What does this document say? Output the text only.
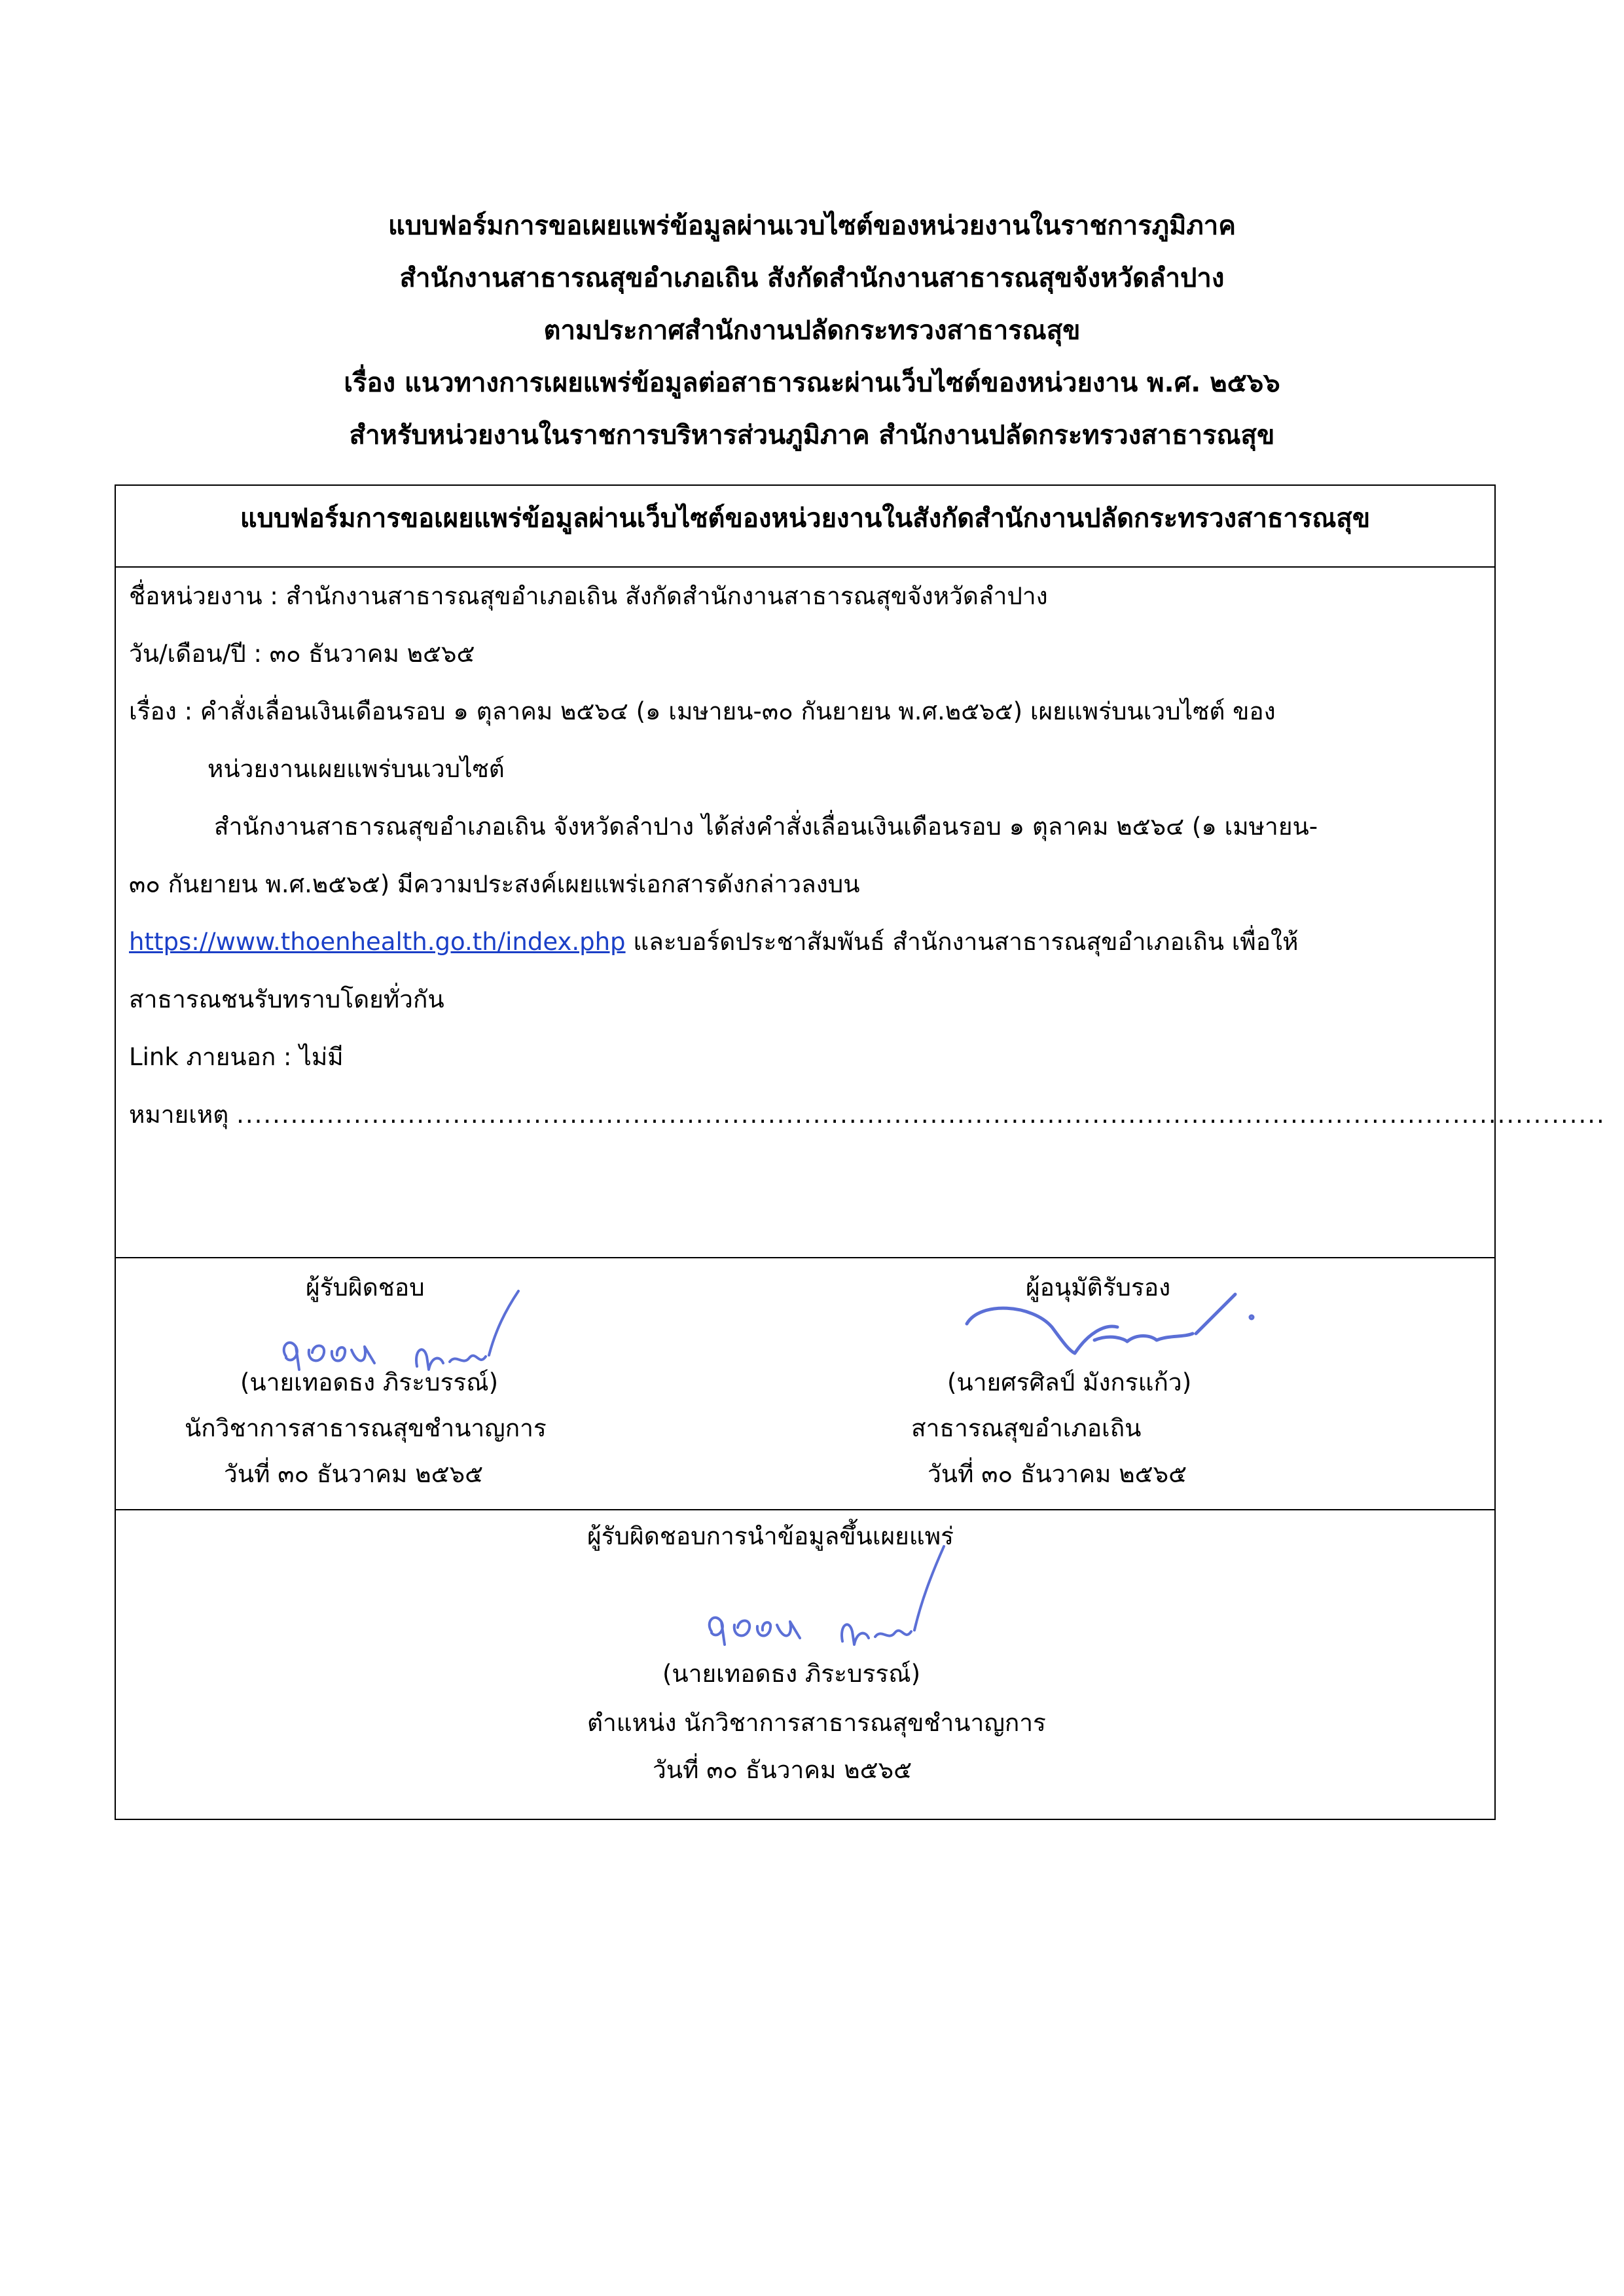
แบบฟอร์มการขอเผยแพร่ข้อมูลผ่านเวบไซต์ของหน่วยงานในราชการภูมิภาค
สำนักงานสาธารณสุขอำเภอเถิน สังกัดสำนักงานสาธารณสุขจังหวัดลำปาง
ตามประกาศสำนักงานปลัดกระทรวงสาธารณสุข
เรื่อง แนวทางการเผยแพร่ข้อมูลต่อสาธารณะผ่านเว็บไซต์ของหน่วยงาน พ.ศ. ๒๕๖๖
สำหรับหน่วยงานในราชการบริหารส่วนภูมิภาค สำนักงานปลัดกระทรวงสาธารณสุข
แบบฟอร์มการขอเผยแพร่ข้อมูลผ่านเว็บไซต์ของหน่วยงานในสังกัดสำนักงานปลัดกระทรวงสาธารณสุข
ชื่อหน่วยงาน : สำนักงานสาธารณสุขอำเภอเถิน สังกัดสำนักงานสาธารณสุขจังหวัดลำปาง
วัน/เดือน/ปี : ๓๐ ธันวาคม ๒๕๖๕
เรื่อง : คำสั่งเลื่อนเงินเดือนรอบ ๑ ตุลาคม ๒๕๖๔ (๑ เมษายน-๓๐ กันยายน พ.ศ.๒๕๖๕) เผยแพร่บนเวบไซต์ ของ
หน่วยงานเผยแพร่บนเวบไซต์
สำนักงานสาธารณสุขอำเภอเถิน จังหวัดลำปาง ได้ส่งคำสั่งเลื่อนเงินเดือนรอบ ๑ ตุลาคม ๒๕๖๔ (๑ เมษายน-
๓๐ กันยายน พ.ศ.๒๕๖๕) มีความประสงค์เผยแพร่เอกสารดังกล่าวลงบน
https://www.thoenhealth.go.th/index.php และบอร์ดประชาสัมพันธ์ สำนักงานสาธารณสุขอำเภอเถิน เพื่อให้
สาธารณชนรับทราบโดยทั่วกัน
Link ภายนอก : ไม่มี
หมายเหตุ ........................................................................................................................................................
ผู้รับผิดชอบ
(นายเทอดธง ภิระบรรณ์)
นักวิชาการสาธารณสุขชำนาญการ
วันที่ ๓๐ ธันวาคม ๒๕๖๕
ผู้อนุมัติรับรอง
(นายศรศิลป์ มังกรแก้ว)
สาธารณสุขอำเภอเถิน
วันที่ ๓๐ ธันวาคม ๒๕๖๕
ผู้รับผิดชอบการนำข้อมูลขึ้นเผยแพร่
(นายเทอดธง ภิระบรรณ์)
ตำแหน่ง นักวิชาการสาธารณสุขชำนาญการ
วันที่ ๓๐ ธันวาคม ๒๕๖๕
